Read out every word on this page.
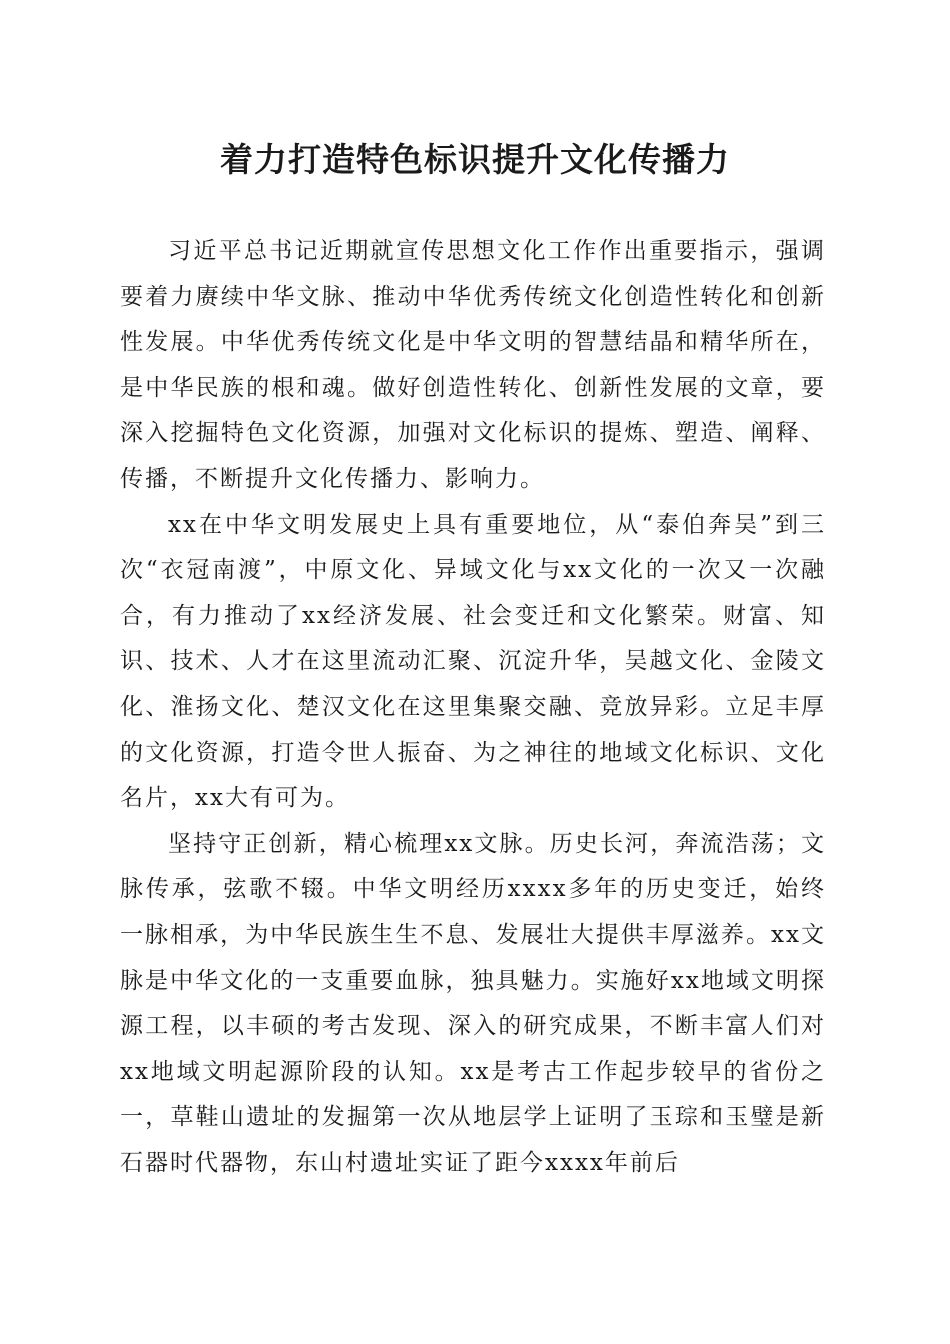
着力打造特色标识提升文化传播力

习近平总书记近期就宣传思想文化工作作出重要指示，强调要着力赓续中华文脉、推动中华优秀传统文化创造性转化和创新性发展。中华优秀传统文化是中华文明的智慧结晶和精华所在，是中华民族的根和魂。做好创造性转化、创新性发展的文章，要深入挖掘特色文化资源，加强对文化标识的提炼、塑造、阐释、传播，不断提升文化传播力、影响力。

xx在中华文明发展史上具有重要地位，从“泰伯奔吴”到三次“衣冠南渡”，中原文化、异域文化与xx文化的一次又一次融合，有力推动了xx经济发展、社会变迁和文化繁荣。财富、知识、技术、人才在这里流动汇聚、沉淀升华，吴越文化、金陵文化、淮扬文化、楚汉文化在这里集聚交融、竞放异彩。立足丰厚的文化资源，打造令世人振奋、为之神往的地域文化标识、文化名片，xx大有可为。

坚持守正创新，精心梳理xx文脉。历史长河，奔流浩荡；文脉传承，弦歌不辍。中华文明经历xxxx多年的历史变迁，始终一脉相承，为中华民族生生不息、发展壮大提供丰厚滋养。xx文脉是中华文化的一支重要血脉，独具魅力。实施好xx地域文明探源工程，以丰硕的考古发现、深入的研究成果，不断丰富人们对xx地域文明起源阶段的认知。xx是考古工作起步较早的省份之一，草鞋山遗址的发掘第一次从地层学上证明了玉琮和玉璧是新石器时代器物，东山村遗址实证了距今xxxx年前后
